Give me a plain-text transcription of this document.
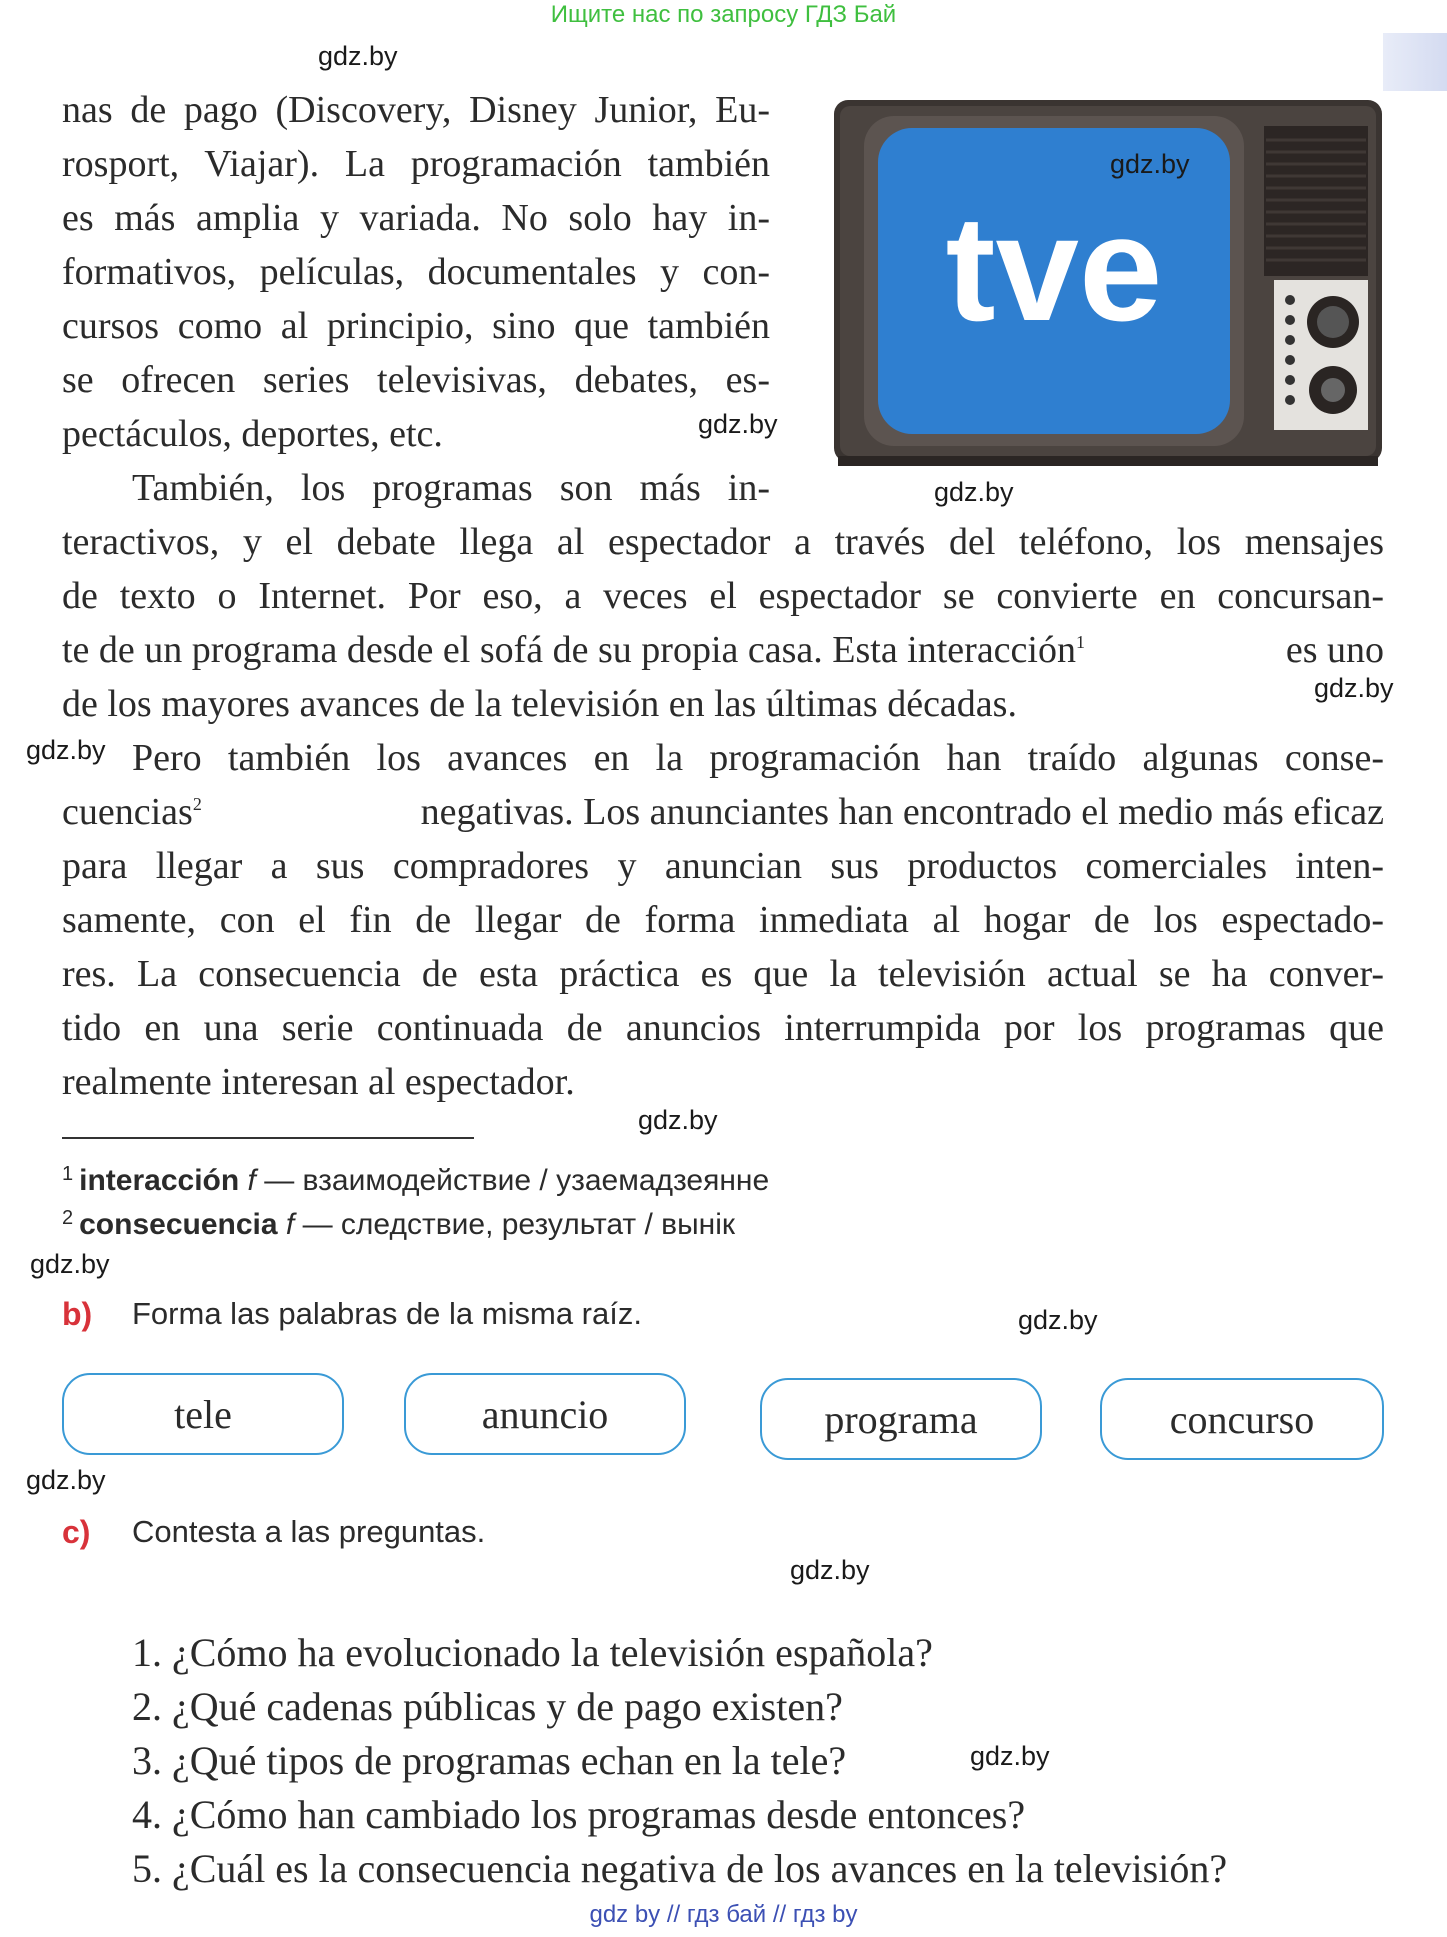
Ищите нас по запросу ГДЗ Бай
tve
nas de pago (Discovery, Disney Junior, Eu-
rosport, Viajar). La programación también
es más amplia y variada. No solo hay in-
formativos, películas, documentales y con-
cursos como al principio, sino que también
se ofrecen series televisivas, debates, es-
pectáculos, deportes, etc.
También, los programas son más in-
teractivos, y el debate llega al espectador a través del teléfono, los mensajes
de texto o Internet. Por eso, a veces el espectador se convierte en concursan-
te de un programa desde el sofá de su propia casa. Esta interacción$^1$	es uno
de los mayores avances de la televisión en las últimas décadas.
Pero también los avances en la programación han traído algunas conse-
cuencias$^2$	negativas. Los anunciantes han encontrado el medio más eficaz
para llegar a sus compradores y anuncian sus productos comerciales inten-
samente, con el fin de llegar de forma inmediata al hogar de los espectado-
res. La consecuencia de esta práctica es que la televisión actual se ha conver-
tido en una serie continuada de anuncios interrumpida por los programas que
realmente interesan al espectador.
$^1$ interacción f — взаимодействие / узаемадзеянне
$^2$ consecuencia f — следствие, результат / вынік
b) Forma las palabras de la misma raíz.
tele	anuncio	programa	concurso
c) Contesta a las preguntas.
1. ¿Cómo ha evolucionado la televisión española?
2. ¿Qué cadenas públicas y de pago existen?
3. ¿Qué tipos de programas echan en la tele?
4. ¿Cómo han cambiado los programas desde entonces?
5. ¿Cuál es la consecuencia negativa de los avances en la televisión?
gdz.by
gdz.by
gdz.by
gdz.by
gdz.by
gdz.by
gdz.by
gdz.by
gdz.by
gdz.by
gdz.by
gdz.by
gdz by // гдз бай // гдз by
